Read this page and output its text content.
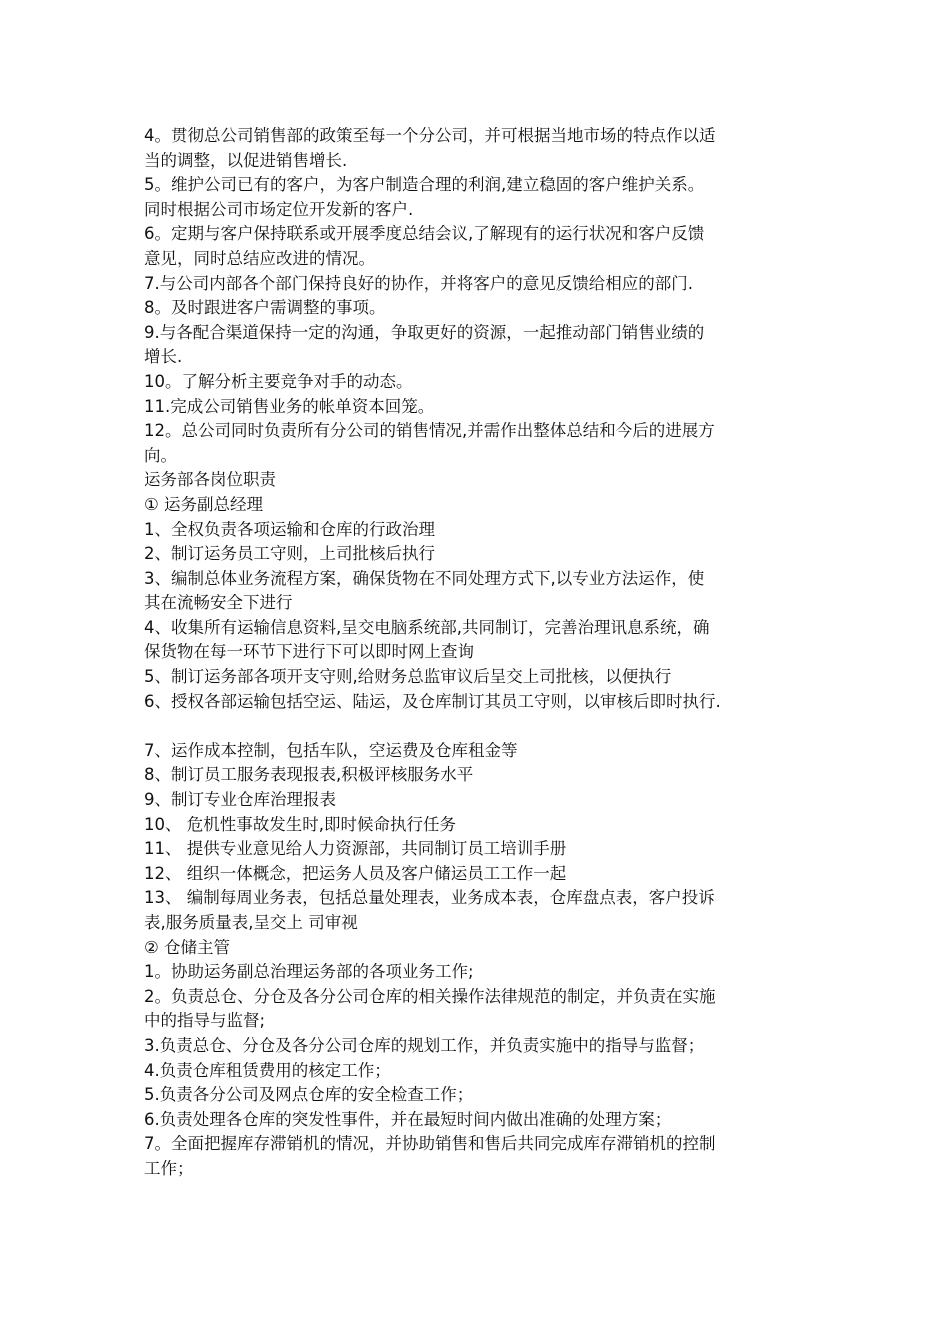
4。贯彻总公司销售部的政策至每一个分公司，并可根据当地市场的特点作以适
当的调整，以促进销售增长.
5。维护公司已有的客户，为客户制造合理的利润,建立稳固的客户维护关系。
同时根据公司市场定位开发新的客户.
6。定期与客户保持联系或开展季度总结会议,了解现有的运行状况和客户反馈
意见，同时总结应改进的情况。
7.与公司内部各个部门保持良好的协作，并将客户的意见反馈给相应的部门.
8。及时跟进客户需调整的事项。
9.与各配合渠道保持一定的沟通，争取更好的资源，一起推动部门销售业绩的
增长.
10。了解分析主要竞争对手的动态。
11.完成公司销售业务的帐单资本回笼。
12。总公司同时负责所有分公司的销售情况,并需作出整体总结和今后的进展方
向。
运务部各岗位职责
① 运务副总经理
1、全权负责各项运输和仓库的行政治理
2、制订运务员工守则，上司批核后执行
3、编制总体业务流程方案，确保货物在不同处理方式下,以专业方法运作，使
其在流畅安全下进行
4、收集所有运输信息资料,呈交电脑系统部,共同制订，完善治理讯息系统，确
保货物在每一环节下进行下可以即时网上查询
5、制订运务部各项开支守则,给财务总监审议后呈交上司批核，以便执行
6、授权各部运输包括空运、陆运，及仓库制订其员工守则，以审核后即时执行.
7、运作成本控制，包括车队，空运费及仓库租金等
8、制订员工服务表现报表,积极评核服务水平
9、制订专业仓库治理报表
10、 危机性事故发生时,即时候命执行任务
11、 提供专业意见给人力资源部，共同制订员工培训手册
12、 组织一体概念，把运务人员及客户储运员工工作一起
13、 编制每周业务表，包括总量处理表，业务成本表，仓库盘点表，客户投诉
表,服务质量表,呈交上 司审视
② 仓储主管
1。协助运务副总治理运务部的各项业务工作;
2。负责总仓、分仓及各分公司仓库的相关操作法律规范的制定，并负责在实施
中的指导与监督;
3.负责总仓、分仓及各分公司仓库的规划工作，并负责实施中的指导与监督；
4.负责仓库租赁费用的核定工作；
5.负责各分公司及网点仓库的安全检查工作；
6.负责处理各仓库的突发性事件，并在最短时间内做出准确的处理方案；
7。全面把握库存滞销机的情况，并协助销售和售后共同完成库存滞销机的控制
工作；
